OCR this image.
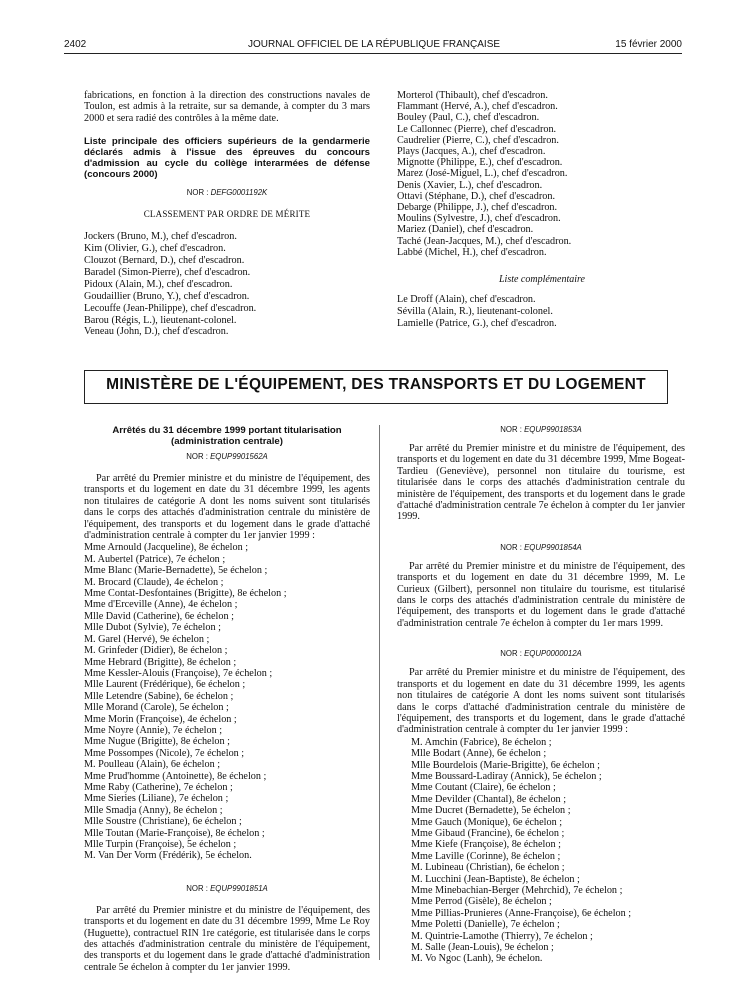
2402	JOURNAL OFFICIEL DE LA RÉPUBLIQUE FRANÇAISE	15 février 2000
fabrications, en fonction à la direction des constructions navales de Toulon, est admis à la retraite, sur sa demande, à compter du 3 mars 2000 et sera radié des contrôles à la même date.
Liste principale des officiers supérieurs de la gendarmerie déclarés admis à l'issue des épreuves du concours d'admission au cycle du collège interarmées de défense (concours 2000)
NOR : DEFG0001192K
CLASSEMENT PAR ORDRE DE MÉRITE
Jockers (Bruno, M.), chef d'escadron.
Kim (Olivier, G.), chef d'escadron.
Clouzot (Bernard, D.), chef d'escadron.
Baradel (Simon-Pierre), chef d'escadron.
Pidoux (Alain, M.), chef d'escadron.
Goudaillier (Bruno, Y.), chef d'escadron.
Lecouffe (Jean-Philippe), chef d'escadron.
Barou (Régis, L.), lieutenant-colonel.
Veneau (John, D.), chef d'escadron.
Morterol (Thibault), chef d'escadron.
Flammant (Hervé, A.), chef d'escadron.
Bouley (Paul, C.), chef d'escadron.
Le Callonnec (Pierre), chef d'escadron.
Caudrelier (Pierre, C.), chef d'escadron.
Plays (Jacques, A.), chef d'escadron.
Mignotte (Philippe, E.), chef d'escadron.
Marez (José-Miguel, L.), chef d'escadron.
Denis (Xavier, L.), chef d'escadron.
Ottavi (Stéphane, D.), chef d'escadron.
Debarge (Philippe, J.), chef d'escadron.
Moulins (Sylvestre, J.), chef d'escadron.
Mariez (Daniel), chef d'escadron.
Taché (Jean-Jacques, M.), chef d'escadron.
Labbé (Michel, H.), chef d'escadron.
Liste complémentaire
Le Droff (Alain), chef d'escadron.
Sévilla (Alain, R.), lieutenant-colonel.
Lamielle (Patrice, G.), chef d'escadron.
MINISTÈRE DE L'ÉQUIPEMENT, DES TRANSPORTS ET DU LOGEMENT
Arrêtés du 31 décembre 1999 portant titularisation (administration centrale)
NOR : EQUP9901562A
Par arrêté du Premier ministre et du ministre de l'équipement, des transports et du logement en date du 31 décembre 1999, les agents non titulaires de catégorie A dont les noms suivent sont titularisés dans le corps des attachés d'administration centrale du ministère de l'équipement, des transports et du logement dans le grade d'attaché d'administration centrale à compter du 1er janvier 1999 :
Mme Arnould (Jacqueline), 8e échelon ;
M. Aubertel (Patrice), 7e échelon ;
Mme Blanc (Marie-Bernadette), 5e échelon ;
M. Brocard (Claude), 4e échelon ;
Mme Contat-Desfontaines (Brigitte), 8e échelon ;
Mme d'Erceville (Anne), 4e échelon ;
Mlle David (Catherine), 6e échelon ;
Mlle Dubot (Sylvie), 7e échelon ;
M. Garel (Hervé), 9e échelon ;
M. Grinfeder (Didier), 8e échelon ;
Mme Hebrard (Brigitte), 8e échelon ;
Mme Kessler-Alouis (Françoise), 7e échelon ;
Mlle Laurent (Frédérique), 6e échelon ;
Mlle Letendre (Sabine), 6e échelon ;
Mlle Morand (Carole), 5e échelon ;
Mme Morin (Françoise), 4e échelon ;
Mme Noyre (Annie), 7e échelon ;
Mme Nugue (Brigitte), 8e échelon ;
Mme Possompes (Nicole), 7e échelon ;
M. Poulleau (Alain), 6e échelon ;
Mme Prud'homme (Antoinette), 8e échelon ;
Mme Raby (Catherine), 7e échelon ;
Mme Sieries (Liliane), 7e échelon ;
Mlle Smadja (Anny), 8e échelon ;
Mlle Soustre (Christiane), 6e échelon ;
Mlle Toutan (Marie-Françoise), 8e échelon ;
Mlle Turpin (Françoise), 5e échelon ;
M. Van Der Vorm (Frédérik), 5e échelon.
NOR : EQUP9901851A
Par arrêté du Premier ministre et du ministre de l'équipement, des transports et du logement en date du 31 décembre 1999, Mme Le Roy (Huguette), contractuel RIN 1re catégorie, est titularisée dans le corps des attachés d'administration centrale du ministère de l'équipement, des transports et du logement dans le grade d'attaché d'administration centrale 5e échelon à compter du 1er janvier 1999.
NOR : EQUP9901853A
Par arrêté du Premier ministre et du ministre de l'équipement, des transports et du logement en date du 31 décembre 1999, Mme Bogeat-Tardieu (Geneviève), personnel non titulaire du tourisme, est titularisée dans le corps des attachés d'administration centrale du ministère de l'équipement, des transports et du logement dans le grade d'attaché d'administration centrale 7e échelon à compter du 1er janvier 1999.
NOR : EQUP9901854A
Par arrêté du Premier ministre et du ministre de l'équipement, des transports et du logement en date du 31 décembre 1999, M. Le Curieux (Gilbert), personnel non titulaire du tourisme, est titularisé dans le corps des attachés d'administration centrale du ministère de l'équipement, des transports et du logement dans le grade d'attaché d'administration centrale 7e échelon à compter du 1er mars 1999.
NOR : EQUP0000012A
Par arrêté du Premier ministre et du ministre de l'équipement, des transports et du logement en date du 31 décembre 1999, les agents non titulaires de catégorie A dont les noms suivent sont titularisés dans le corps d'attaché d'administration centrale du ministère de l'équipement, des transports et du logement, dans le grade d'attaché d'administration centrale à compter du 1er janvier 1999 :
M. Amchin (Fabrice), 8e échelon ;
Mlle Bodart (Anne), 6e échelon ;
Mlle Bourdelois (Marie-Brigitte), 6e échelon ;
Mme Boussard-Ladiray (Annick), 5e échelon ;
Mme Coutant (Claire), 6e échelon ;
Mme Devilder (Chantal), 8e échelon ;
Mme Ducret (Bernadette), 5e échelon ;
Mme Gauch (Monique), 6e échelon ;
Mme Gibaud (Francine), 6e échelon ;
Mme Kiefe (Françoise), 8e échelon ;
Mme Laville (Corinne), 8e échelon ;
M. Lubineau (Christian), 6e échelon ;
M. Lucchini (Jean-Baptiste), 8e échelon ;
Mme Minebachian-Berger (Mehrchid), 7e échelon ;
Mme Perrod (Gisèle), 8e échelon ;
Mme Pillias-Prunieres (Anne-Françoise), 6e échelon ;
Mme Poletti (Danielle), 7e échelon ;
M. Quintrie-Lamothe (Thierry), 7e échelon ;
M. Salle (Jean-Louis), 9e échelon ;
M. Vo Ngoc (Lanh), 9e échelon.
